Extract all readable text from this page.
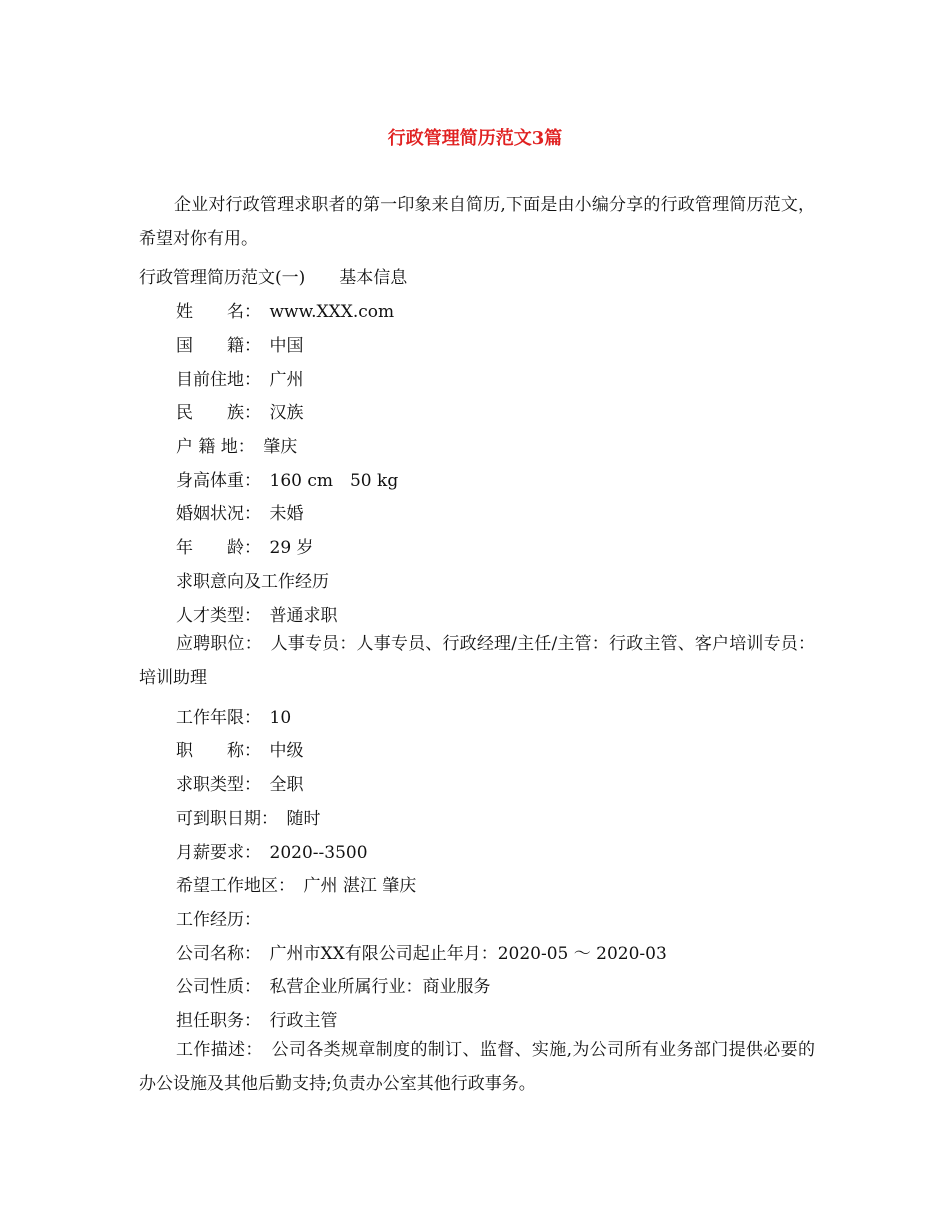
行政管理简历范文3篇
企业对行政管理求职者的第一印象来自简历,下面是由小编分享的行政管理简历范文，希望对你有用。
行政管理简历范文(一)　　基本信息
姓　　名：　www.XXX.com
国　　籍：　中国
目前住地：　广州
民　　族：　汉族
户 籍 地：　肇庆
身高体重：　160 cm　50 kg
婚姻状况：　未婚
年　　龄：　29 岁
求职意向及工作经历
人才类型：　普通求职
应聘职位：　人事专员：人事专员、行政经理/主任/主管：行政主管、客户培训专员：培训助理
工作年限：　10
职　　称：　中级
求职类型：　全职
可到职日期：　随时
月薪要求：　2020--3500
希望工作地区：　广州 湛江 肇庆
工作经历：
公司名称：　广州市XX有限公司起止年月：2020-05 ～ 2020-03
公司性质：　私营企业所属行业：商业服务
担任职务：　行政主管
工作描述：　公司各类规章制度的制订、监督、实施,为公司所有业务部门提供必要的办公设施及其他后勤支持;负责办公室其他行政事务。
